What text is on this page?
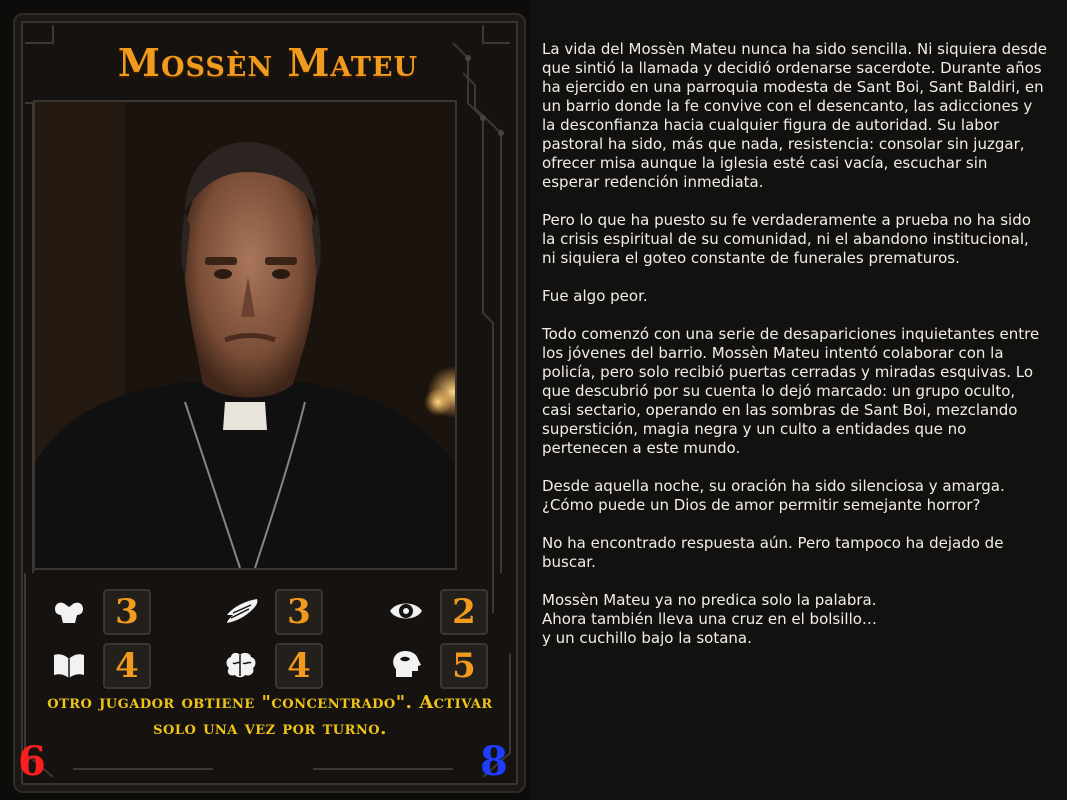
Mossèn Mateu
3	3	2
4	4	5
otro jugador obtiene "concentrado". Activar solo una vez por turno.
6	8

La vida del Mossèn Mateu nunca ha sido sencilla. Ni siquiera desde que sintió la llamada y decidió ordenarse sacerdote. Durante años ha ejercido en una parroquia modesta de Sant Boi, Sant Baldiri, en un barrio donde la fe convive con el desencanto, las adicciones y la desconfianza hacia cualquier figura de autoridad. Su labor pastoral ha sido, más que nada, resistencia: consolar sin juzgar, ofrecer misa aunque la iglesia esté casi vacía, escuchar sin esperar redención inmediata.

Pero lo que ha puesto su fe verdaderamente a prueba no ha sido la crisis espiritual de su comunidad, ni el abandono institucional, ni siquiera el goteo constante de funerales prematuros.

Fue algo peor.

Todo comenzó con una serie de desapariciones inquietantes entre los jóvenes del barrio. Mossèn Mateu intentó colaborar con la policía, pero solo recibió puertas cerradas y miradas esquivas. Lo que descubrió por su cuenta lo dejó marcado: un grupo oculto, casi sectario, operando en las sombras de Sant Boi, mezclando superstición, magia negra y un culto a entidades que no pertenecen a este mundo.

Desde aquella noche, su oración ha sido silenciosa y amarga. ¿Cómo puede un Dios de amor permitir semejante horror?

No ha encontrado respuesta aún. Pero tampoco ha dejado de buscar.

Mossèn Mateu ya no predica solo la palabra.
Ahora también lleva una cruz en el bolsillo…
y un cuchillo bajo la sotana.
